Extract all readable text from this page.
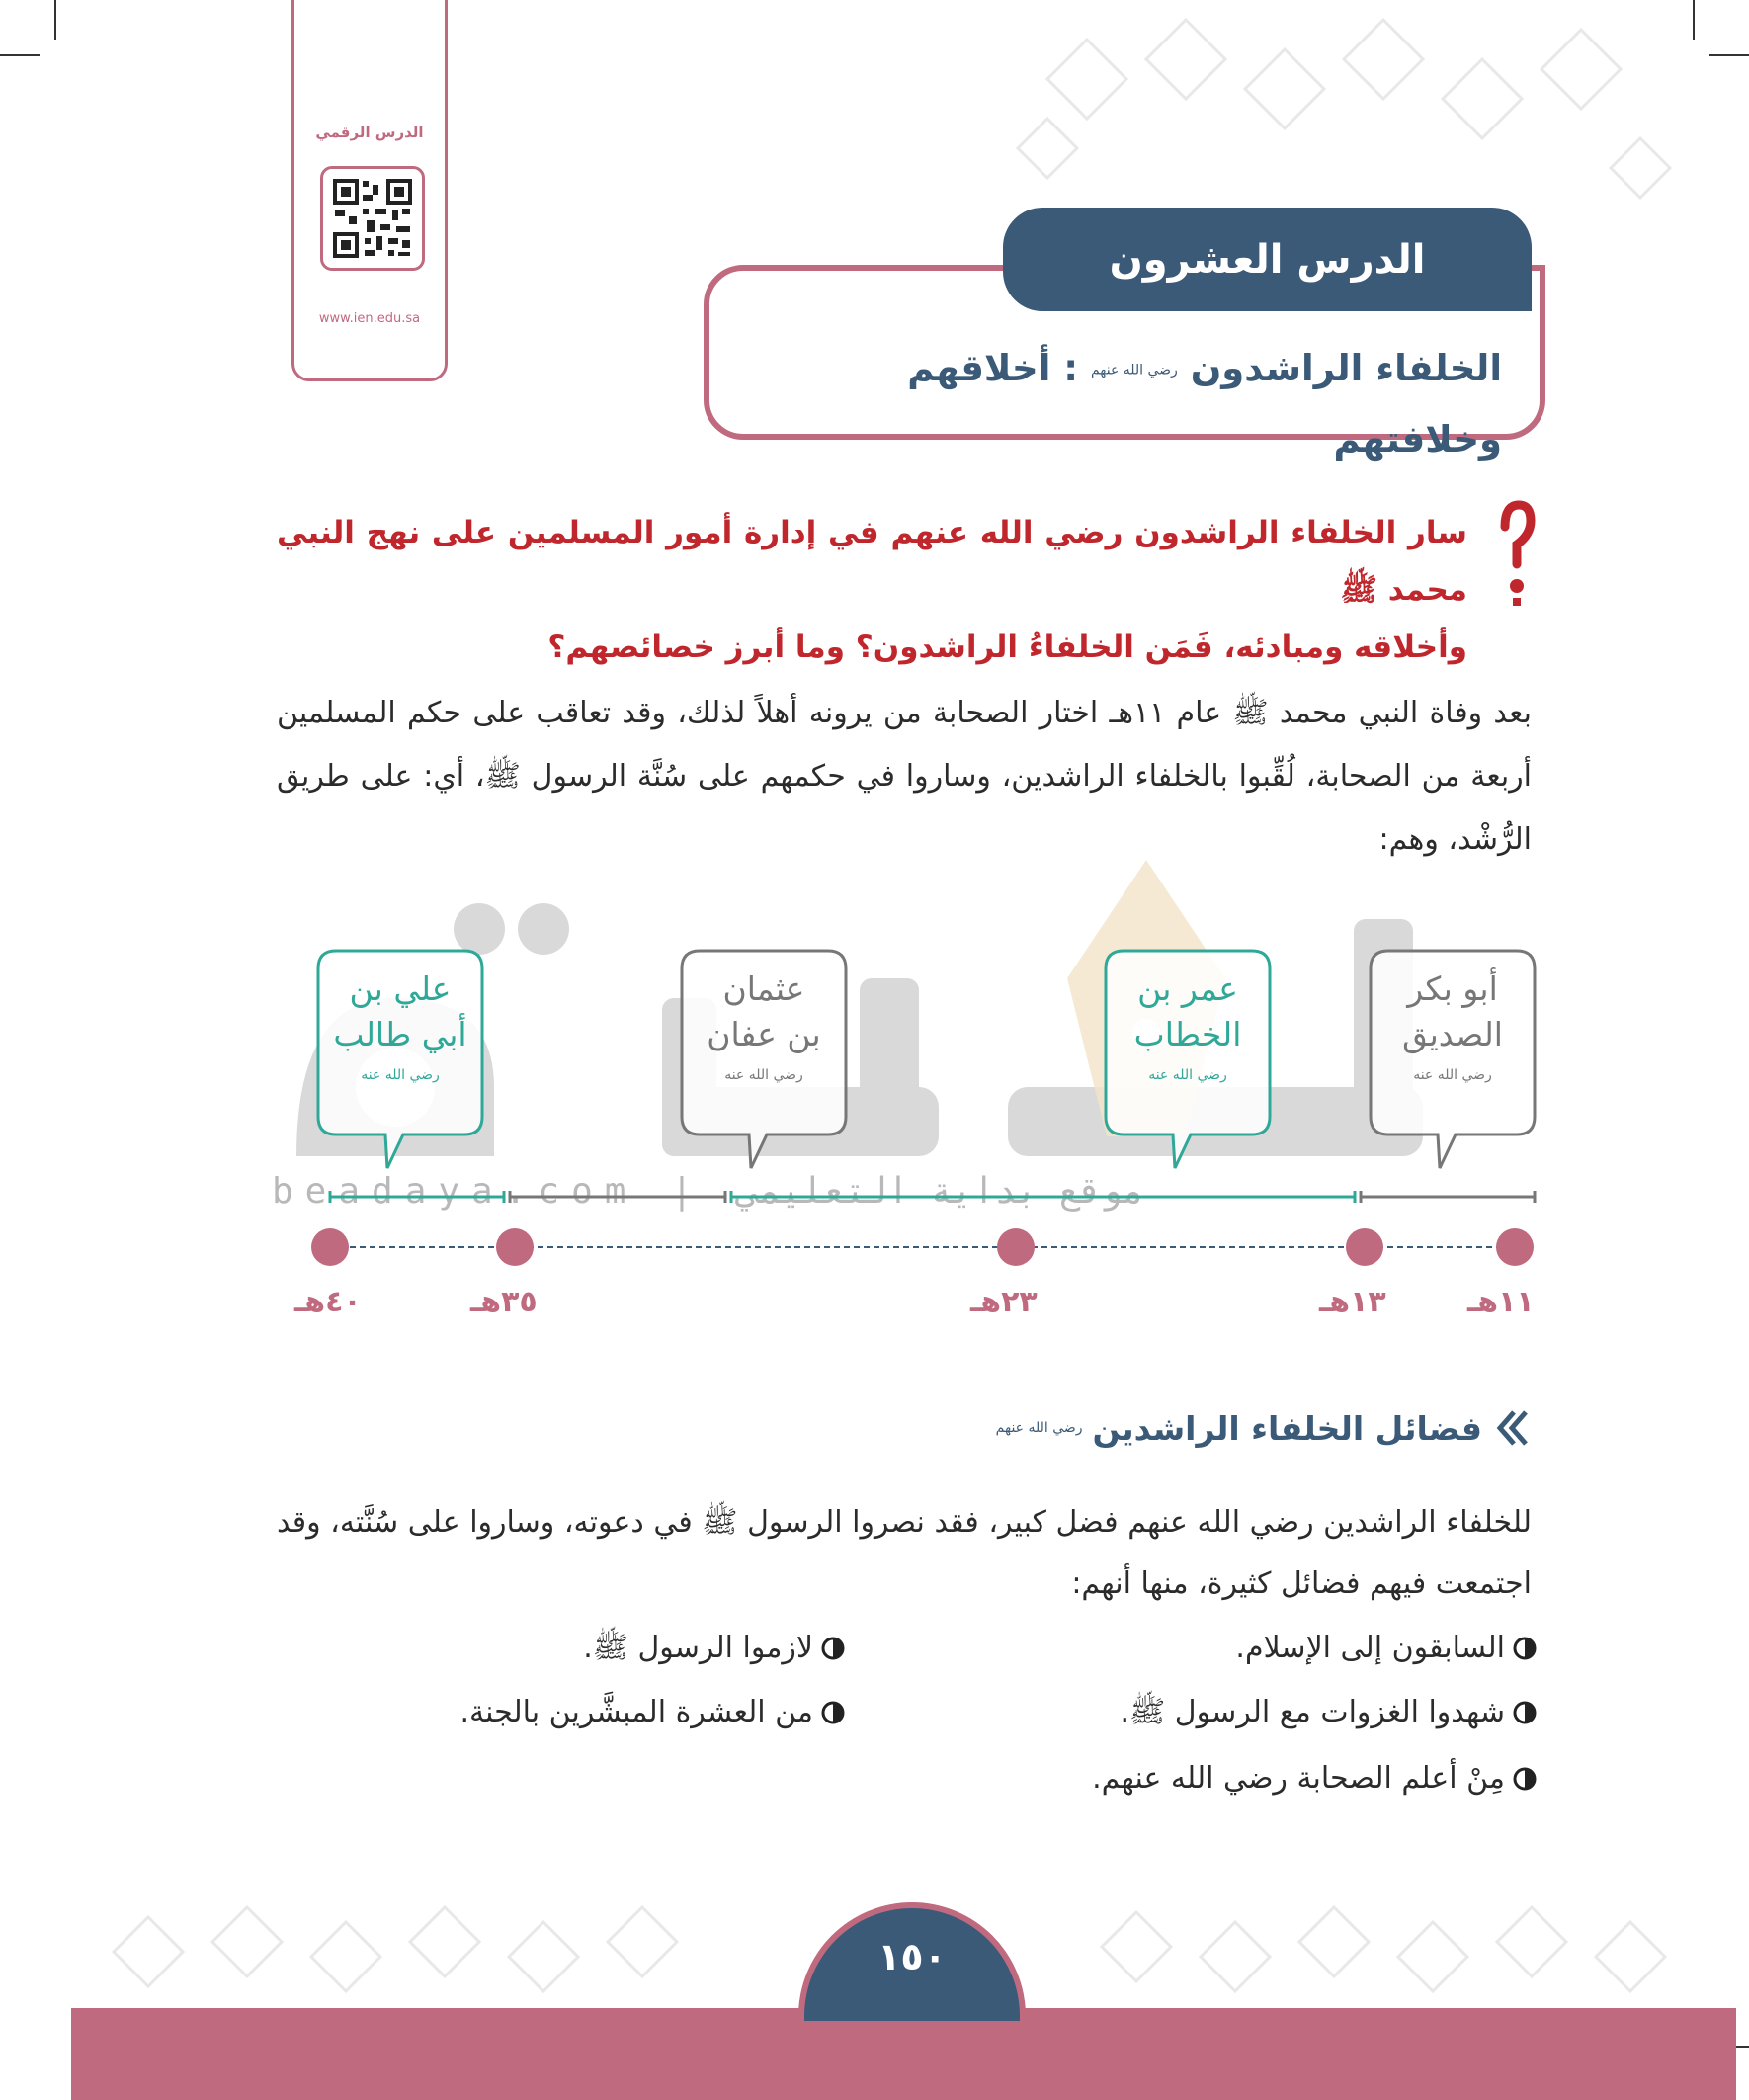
الدرس الرقمي
www.ien.edu.sa
الدرس العشرون
الخلفاء الراشدون رضي الله عنهم : أخلاقهم وخلافتهم
سار الخلفاء الراشدون رضي الله عنهم في إدارة أمور المسلمين على نهج النبي محمد ﷺ
وأخلاقه ومبادئه، فَمَن الخلفاءُ الراشدون؟ وما أبرز خصائصهم؟
بعد وفاة النبي محمد ﷺ عام ١١هـ اختار الصحابة من يرونه أهلاً لذلك، وقد تعاقب على حكم المسلمين أربعة من الصحابة، لُقِّبوا بالخلفاء الراشدين، وساروا في حكمهم على سُنَّة الرسول ﷺ، أي: على طريق الرُّشْد، وهم:
beadaya.com | موقع بداية التعليمي
أبو بكر
الصديق
رضي الله عنه
عمر بن
الخطاب
رضي الله عنه
عثمان
بن عفان
رضي الله عنه
علي بن
أبي طالب
رضي الله عنه
١١هـ
١٣هـ
٢٣هـ
٣٥هـ
٤٠هـ
فضائل الخلفاء الراشدين
رضي الله عنهم
للخلفاء الراشدين رضي الله عنهم فضل كبير، فقد نصروا الرسول ﷺ في دعوته، وساروا على سُنَّته، وقد اجتمعت فيهم فضائل كثيرة، منها أنهم:
السابقون إلى الإسلام.
لازموا الرسول ﷺ.
شهدوا الغزوات مع الرسول ﷺ.
من العشرة المبشَّرين بالجنة.
مِنْ أعلم الصحابة رضي الله عنهم.
١٥٠
